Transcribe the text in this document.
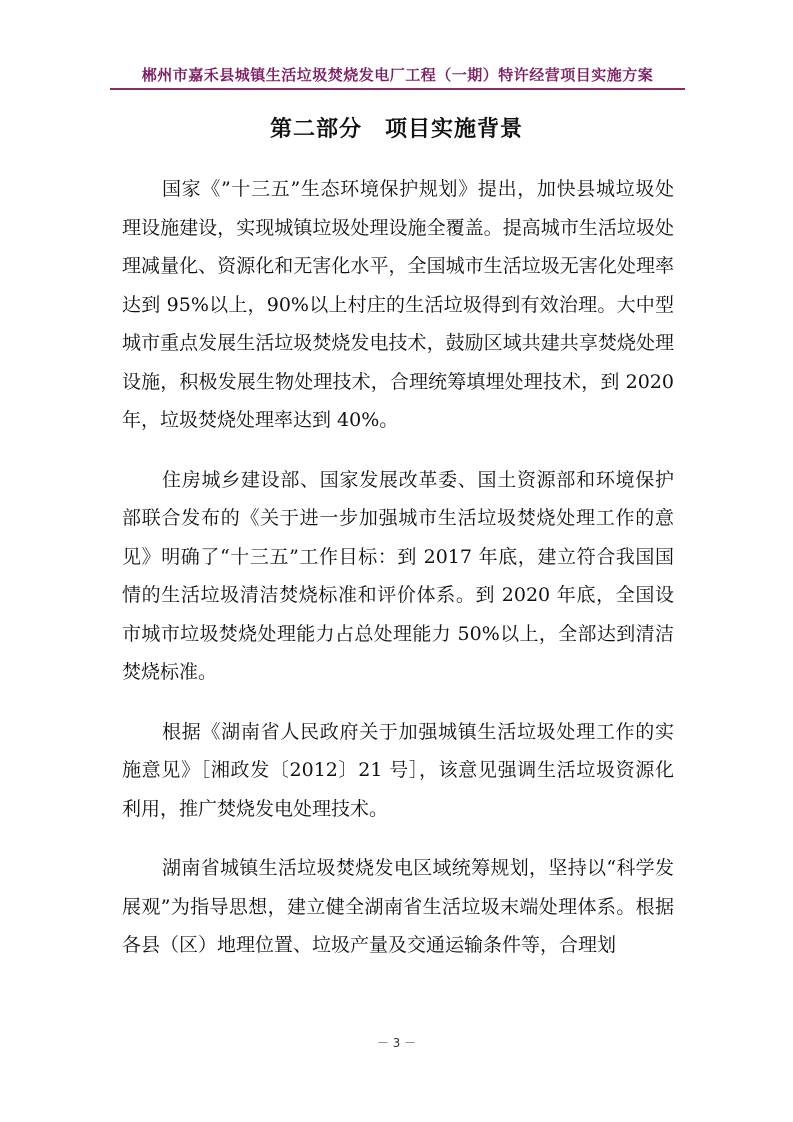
郴州市嘉禾县城镇生活垃圾焚烧发电厂工程（一期）特许经营项目实施方案
第二部分　项目实施背景

国家《”十三五”生态环境保护规划》提出，加快县城垃圾处理设施建设，实现城镇垃圾处理设施全覆盖。提高城市生活垃圾处理减量化、资源化和无害化水平，全国城市生活垃圾无害化处理率达到 95%以上，90%以上村庄的生活垃圾得到有效治理。大中型城市重点发展生活垃圾焚烧发电技术，鼓励区域共建共享焚烧处理设施，积极发展生物处理技术，合理统筹填埋处理技术，到 2020 年，垃圾焚烧处理率达到 40%。

住房城乡建设部、国家发展改革委、国土资源部和环境保护部联合发布的《关于进一步加强城市生活垃圾焚烧处理工作的意见》明确了“十三五”工作目标：到 2017 年底，建立符合我国国情的生活垃圾清洁焚烧标准和评价体系。到 2020 年底，全国设市城市垃圾焚烧处理能力占总处理能力 50%以上，全部达到清洁焚烧标准。

根据《湖南省人民政府关于加强城镇生活垃圾处理工作的实施意见》［湘政发〔2012〕21 号］，该意见强调生活垃圾资源化利用，推广焚烧发电处理技术。

湖南省城镇生活垃圾焚烧发电区域统筹规划，坚持以“科学发展观”为指导思想，建立健全湖南省生活垃圾末端处理体系。根据各县（区）地理位置、垃圾产量及交通运输条件等，合理划

－ 3 －
